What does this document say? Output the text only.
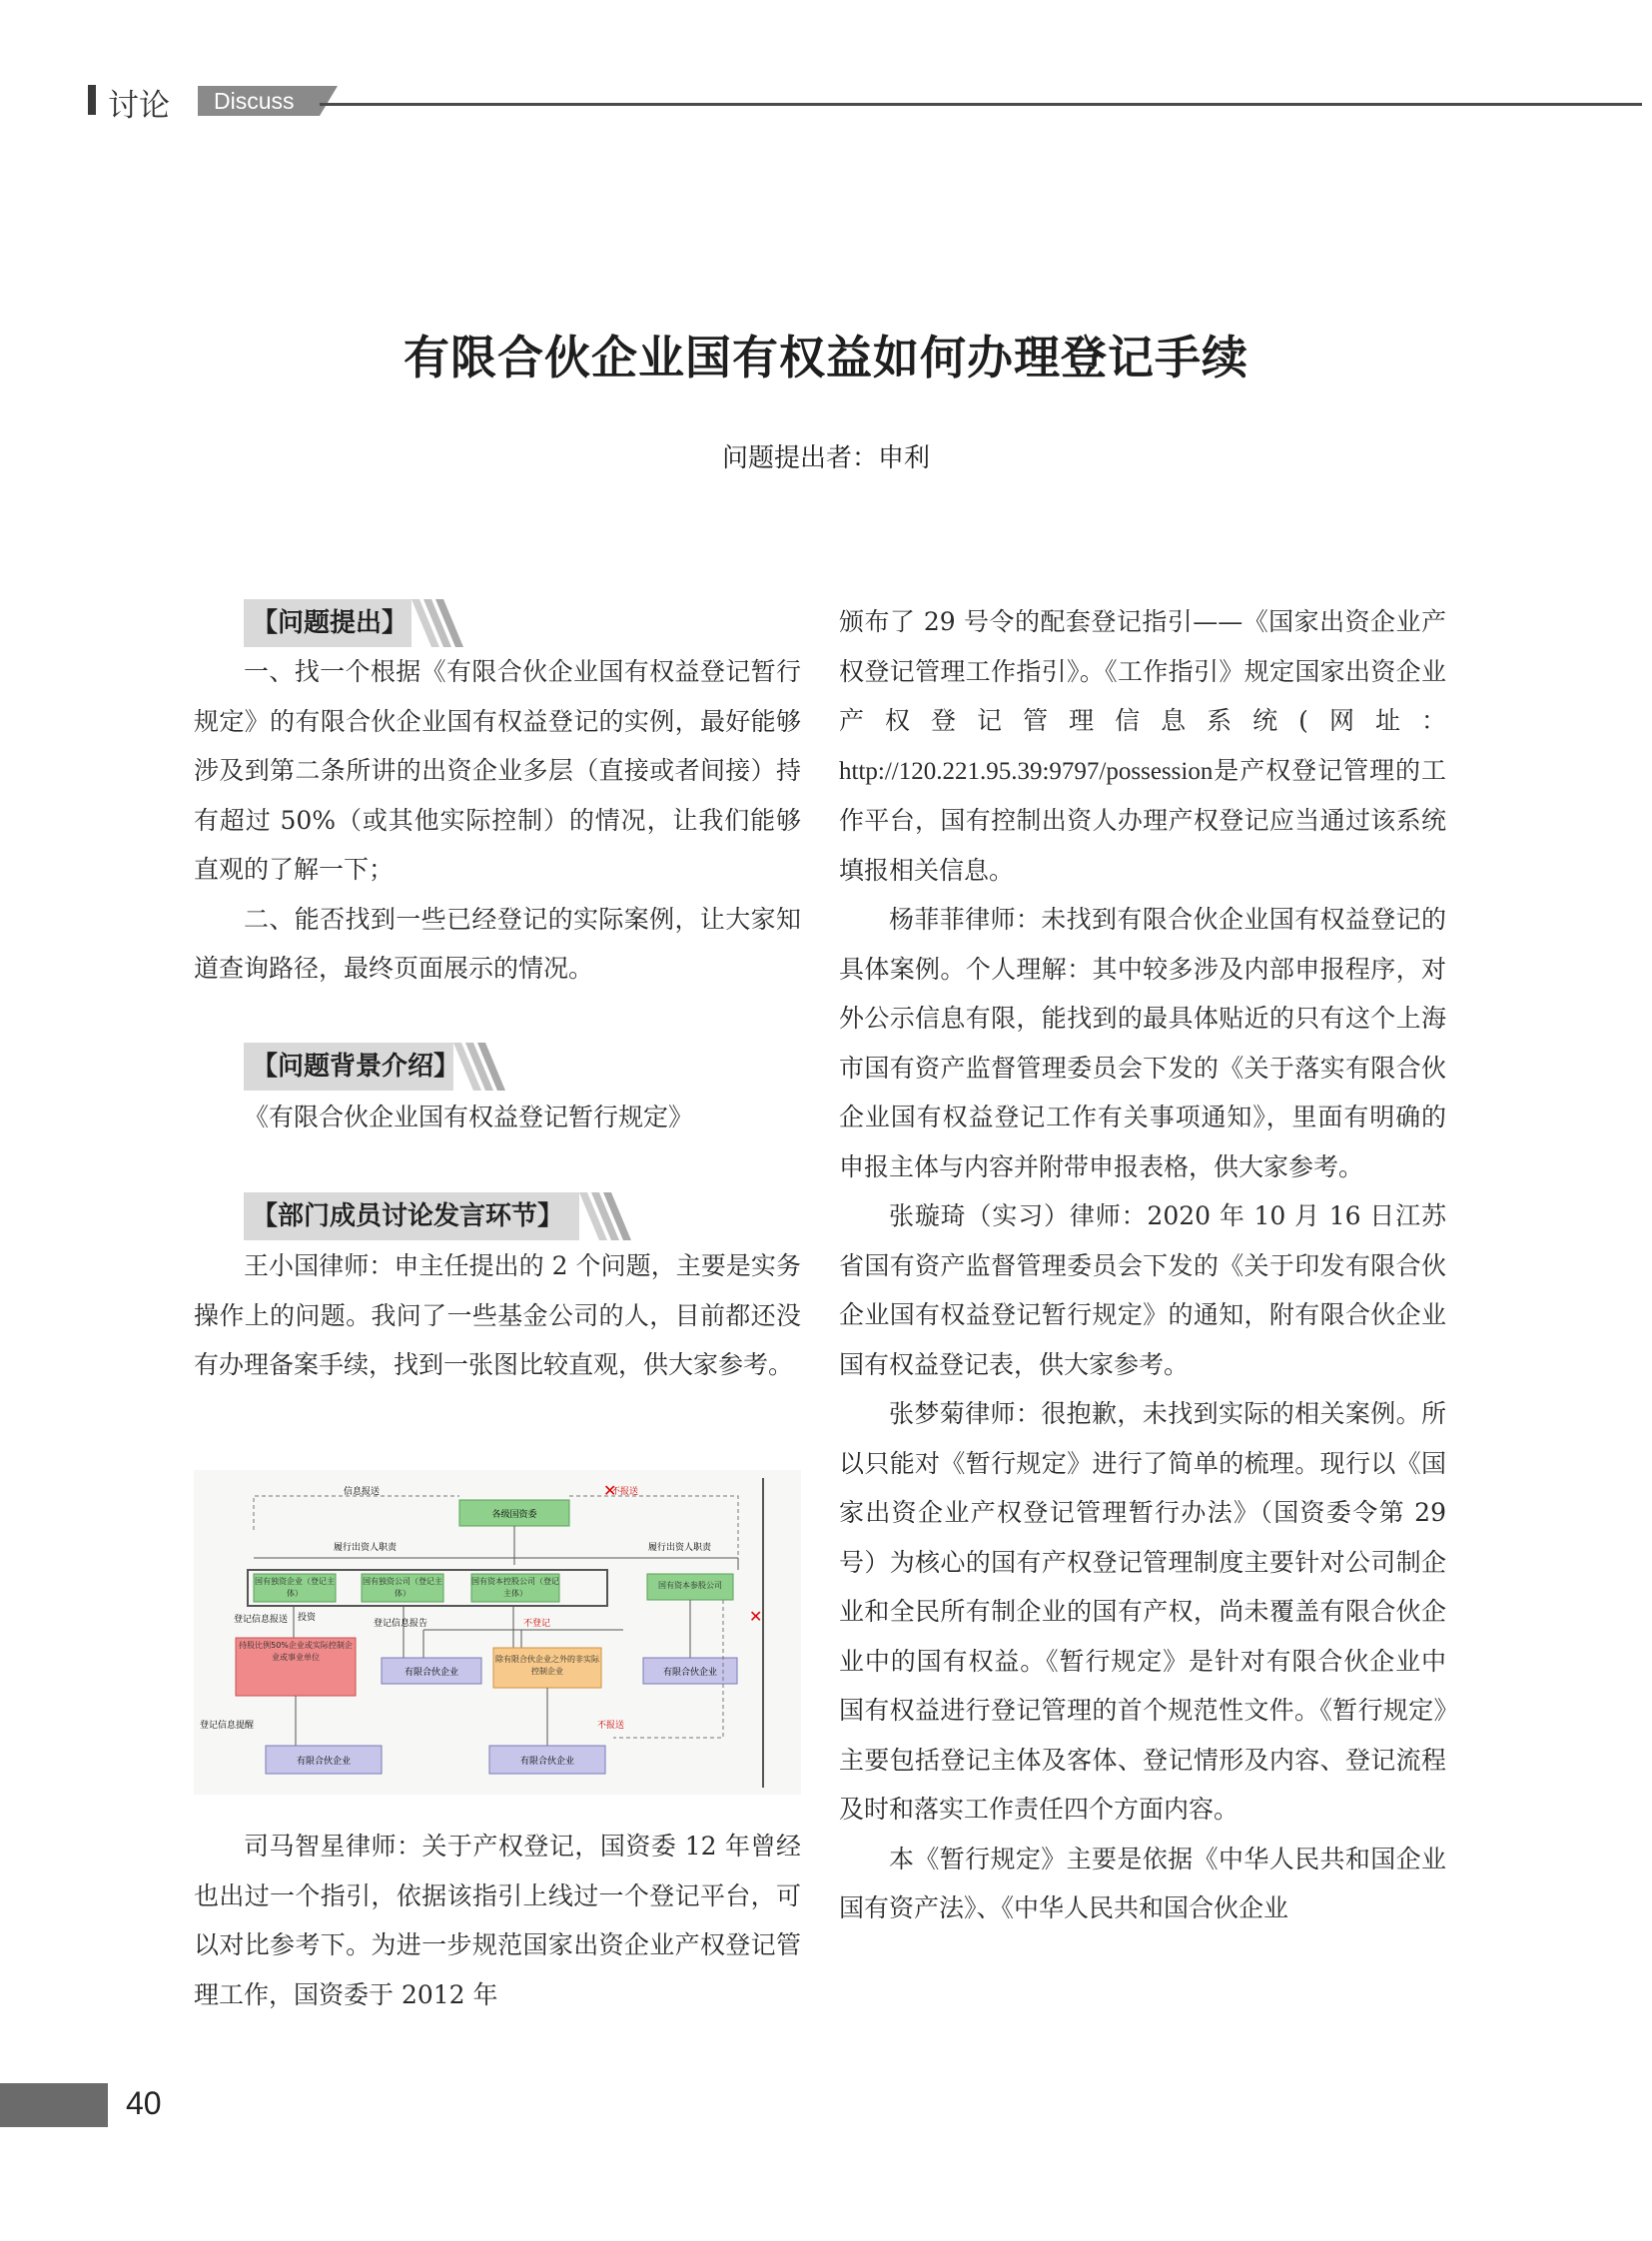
讨论 Discuss
有限合伙企业国有权益如何办理登记手续
问题提出者：申利
【问题提出】

一、找一个根据《有限合伙企业国有权益登记暂行规定》的有限合伙企业国有权益登记的实例，最好能够涉及到第二条所讲的出资企业多层（直接或者间接）持有超过 50%（或其他实际控制）的情况，让我们能够直观的了解一下；

二、能否找到一些已经登记的实际案例，让大家知道查询路径，最终页面展示的情况。

【问题背景介绍】

《有限合伙企业国有权益登记暂行规定》

【部门成员讨论发言环节】

王小国律师：申主任提出的 2 个问题，主要是实务操作上的问题。我问了一些基金公司的人，目前都还没有办理备案手续，找到一张图比较直观，供大家参考。

各级国资委
信息报送	不报送
✕
履行出资人职责	履行出资人职责
国有独资企业（登记主体）
国有独资公司（登记主体）
国有资本控股公司（登记主体）
国有资本参股公司
登记信息报送	登记信息报告
投资
不登记	✕
持股比例50%企业或实际控制企业或事业单位
有限合伙企业
除有限合伙企业之外的非实际控制企业	有限合伙企业
登记信息提醒	不报送
有限合伙企业	有限合伙企业

司马智星律师：关于产权登记，国资委 12 年曾经也出过一个指引，依据该指引上线过一个登记平台，可以对比参考下。为进一步规范国家出资企业产权登记管理工作，国资委于 2012 年

颁布了 29 号令的配套登记指引——《国家出资企业产权登记管理工作指引》。《工作指引》规定国家出资企业产权登记管理信息系统(网址：http://120.221.95.39:9797/possession是产权登记管理的工作平台，国有控制出资人办理产权登记应当通过该系统填报相关信息。

杨菲菲律师：未找到有限合伙企业国有权益登记的具体案例。个人理解：其中较多涉及内部申报程序，对外公示信息有限，能找到的最具体贴近的只有这个上海市国有资产监督管理委员会下发的《关于落实有限合伙企业国有权益登记工作有关事项通知》，里面有明确的申报主体与内容并附带申报表格，供大家参考。

张璇琦（实习）律师：2020 年 10 月 16 日江苏省国有资产监督管理委员会下发的《关于印发有限合伙企业国有权益登记暂行规定》的通知，附有限合伙企业国有权益登记表，供大家参考。

张梦菊律师：很抱歉，未找到实际的相关案例。所以只能对《暂行规定》进行了简单的梳理。现行以《国家出资企业产权登记管理暂行办法》（国资委令第 29 号）为核心的国有产权登记管理制度主要针对公司制企业和全民所有制企业的国有产权，尚未覆盖有限合伙企业中的国有权益。《暂行规定》是针对有限合伙企业中国有权益进行登记管理的首个规范性文件。《暂行规定》主要包括登记主体及客体、登记情形及内容、登记流程及时和落实工作责任四个方面内容。

本《暂行规定》主要是依据《中华人民共和国企业国有资产法》、《中华人民共和国合伙企业

40
